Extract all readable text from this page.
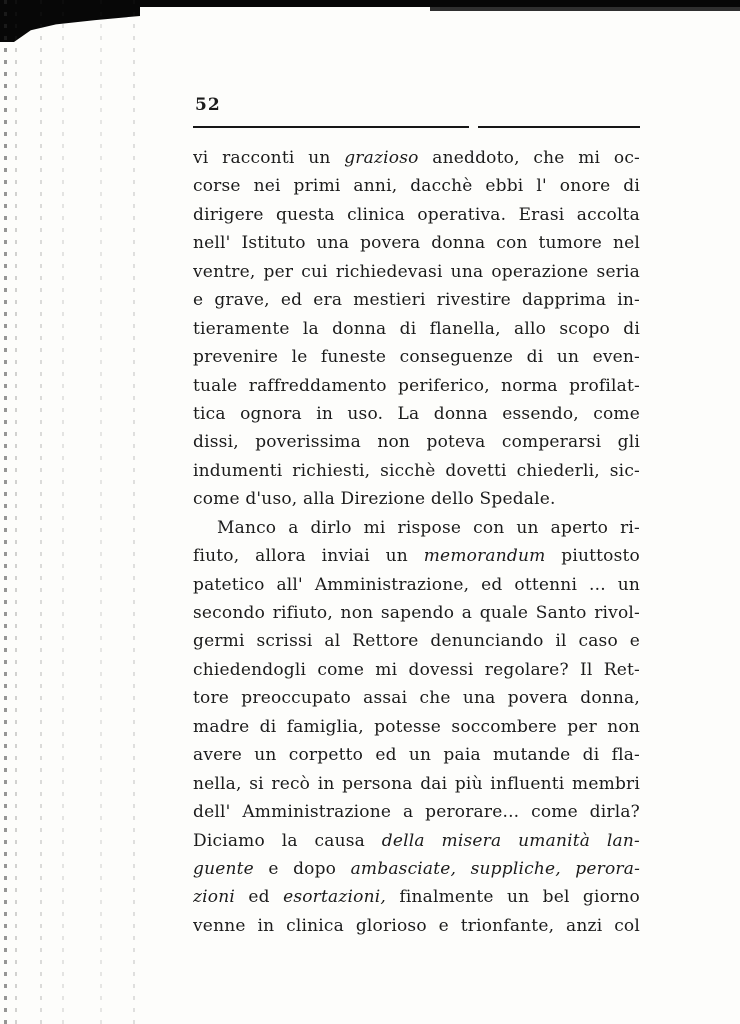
52
vi racconti un grazioso aneddoto, che mi oc-
corse nei primi anni, dacchè ebbi l' onore di
dirigere questa clinica operativa. Erasi accolta
nell' Istituto una povera donna con tumore nel
ventre, per cui richiedevasi una operazione seria
e grave, ed era mestieri rivestire dapprima in-
tieramente la donna di flanella, allo scopo di
prevenire le funeste conseguenze di un even-
tuale raffreddamento periferico, norma profilat-
tica ognora in uso. La donna essendo, come
dissi, poverissima non poteva comperarsi gli
indumenti richiesti, sicchè dovetti chiederli, sic-
come d'uso, alla Direzione dello Spedale.
Manco a dirlo mi rispose con un aperto ri-
fiuto, allora inviai un memorandum piuttosto
patetico all' Amministrazione, ed ottenni ... un
secondo rifiuto, non sapendo a quale Santo rivol-
germi scrissi al Rettore denunciando il caso e
chiedendogli come mi dovessi regolare? Il Ret-
tore preoccupato assai che una povera donna,
madre di famiglia, potesse soccombere per non
avere un corpetto ed un paia mutande di fla-
nella, si recò in persona dai più influenti membri
dell' Amministrazione a perorare... come dirla?
Diciamo la causa della misera umanità lan-
guente e dopo ambasciate, suppliche, perora-
zioni ed esortazioni, finalmente un bel giorno
venne in clinica glorioso e trionfante, anzi col
